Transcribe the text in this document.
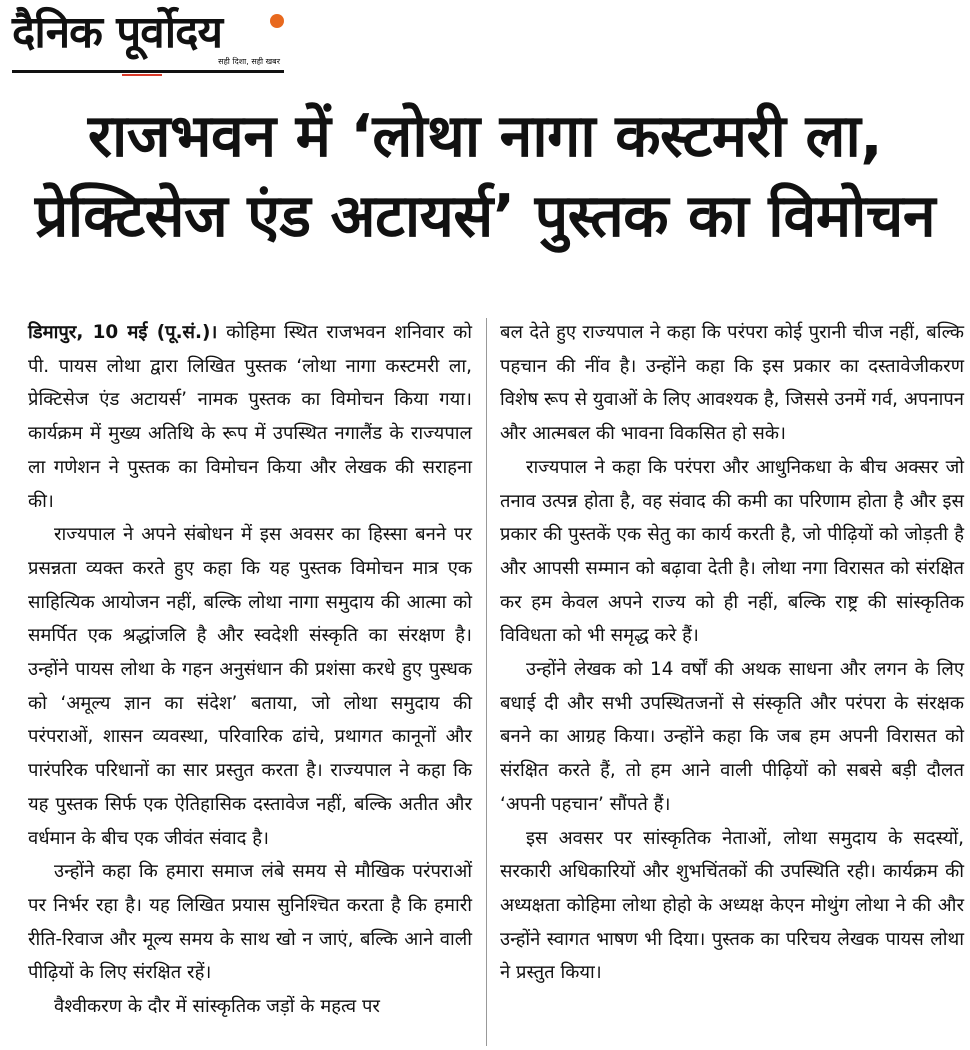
दैनिक पूर्वोदय
सही दिशा, सही खबर
राजभवन में ‘लोथा नागा कस्टमरी ला,
प्रेक्टिसेज एंड अटायर्स’ पुस्तक का विमोचन

डिमापुर, 10 मई (पू.सं.)। कोहिमा स्थित राजभवन शनिवार को पी. पायस लोथा द्वारा लिखित पुस्तक ‘लोथा नागा कस्टमरी ला, प्रेक्टिसेज एंड अटायर्स’ नामक पुस्तक का विमोचन किया गया। कार्यक्रम में मुख्य अतिथि के रूप में उपस्थित नगालैंड के राज्यपाल ला गणेशन ने पुस्तक का विमोचन किया और लेखक की सराहना की।

राज्यपाल ने अपने संबोधन में इस अवसर का हिस्सा बनने पर प्रसन्नता व्यक्त करते हुए कहा कि यह पुस्तक विमोचन मात्र एक साहित्यिक आयोजन नहीं, बल्कि लोथा नागा समुदाय की आत्मा को समर्पित एक श्रद्धांजलि है और स्वदेशी संस्कृति का संरक्षण है। उन्होंने पायस लोथा के गहन अनुसंधान की प्रशंसा करधे हुए पुस्धक को ‘अमूल्य ज्ञान का संदेश’ बताया, जो लोथा समुदाय की परंपराओं, शासन व्यवस्था, परिवारिक ढांचे, प्रथागत कानूनों और पारंपरिक परिधानों का सार प्रस्तुत करता है। राज्यपाल ने कहा कि यह पुस्तक सिर्फ एक ऐतिहासिक दस्तावेज नहीं, बल्कि अतीत और वर्धमान के बीच एक जीवंत संवाद है।

उन्होंने कहा कि हमारा समाज लंबे समय से मौखिक परंपराओं पर निर्भर रहा है। यह लिखित प्रयास सुनिश्चित करता है कि हमारी रीति-रिवाज और मूल्य समय के साथ खो न जाएं, बल्कि आने वाली पीढ़ियों के लिए संरक्षित रहें।

वैश्वीकरण के दौर में सांस्कृतिक जड़ों के महत्व पर

बल देते हुए राज्यपाल ने कहा कि परंपरा कोई पुरानी चीज नहीं, बल्कि पहचान की नींव है। उन्होंने कहा कि इस प्रकार का दस्तावेजीकरण विशेष रूप से युवाओं के लिए आवश्यक है, जिससे उनमें गर्व, अपनापन और आत्मबल की भावना विकसित हो सके।

राज्यपाल ने कहा कि परंपरा और आधुनिकधा के बीच अक्सर जो तनाव उत्पन्न होता है, वह संवाद की कमी का परिणाम होता है और इस प्रकार की पुस्तकें एक सेतु का कार्य करती है, जो पीढ़ियों को जोड़ती है और आपसी सम्मान को बढ़ावा देती है। लोथा नगा विरासत को संरक्षित कर हम केवल अपने राज्य को ही नहीं, बल्कि राष्ट्र की सांस्कृतिक विविधता को भी समृद्ध करे हैं।

उन्होंने लेखक को 14 वर्षों की अथक साधना और लगन के लिए बधाई दी और सभी उपस्थितजनों से संस्कृति और परंपरा के संरक्षक बनने का आग्रह किया। उन्होंने कहा कि जब हम अपनी विरासत को संरक्षित करते हैं, तो हम आने वाली पीढ़ियों को सबसे बड़ी दौलत ‘अपनी पहचान’ सौंपते हैं।

इस अवसर पर सांस्कृतिक नेताओं, लोथा समुदाय के सदस्यों, सरकारी अधिकारियों और शुभचिंतकों की उपस्थिति रही। कार्यक्रम की अध्यक्षता कोहिमा लोथा होहो के अध्यक्ष केएन मोथुंग लोथा ने की और उन्होंने स्वागत भाषण भी दिया। पुस्तक का परिचय लेखक पायस लोथा ने प्रस्तुत किया।
